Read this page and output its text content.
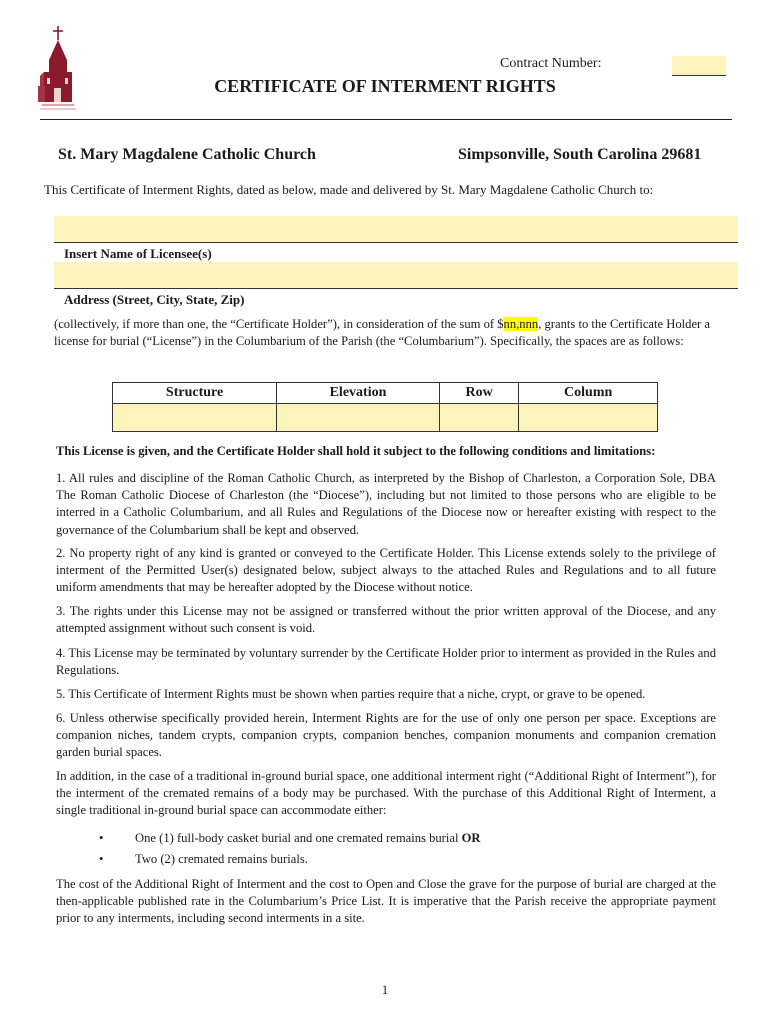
Contract Number:
CERTIFICATE OF INTERMENT RIGHTS
St. Mary Magdalene Catholic Church	Simpsonville, South Carolina 29681
This Certificate of Interment Rights, dated as below, made and delivered by St. Mary Magdalene Catholic Church to:
Insert Name of Licensee(s)
Address (Street, City, State, Zip)

(collectively, if more than one, the “Certificate Holder”), in consideration of the sum of $nn,nnn, grants to the Certificate Holder a license for burial (“License”) in the Columbarium of the Parish (the “Columbarium”). Specifically, the spaces are as follows:

Structure	Elevation	Row	Column

This License is given, and the Certificate Holder shall hold it subject to the following conditions and limitations:

1. All rules and discipline of the Roman Catholic Church, as interpreted by the Bishop of Charleston, a Corporation Sole, DBA The Roman Catholic Diocese of Charleston (the “Diocese”), including but not limited to those persons who are eligible to be interred in a Catholic Columbarium, and all Rules and Regulations of the Diocese now or hereafter existing with respect to the governance of the Columbarium shall be kept and observed.

2. No property right of any kind is granted or conveyed to the Certificate Holder. This License extends solely to the privilege of interment of the Permitted User(s) designated below, subject always to the attached Rules and Regulations and to all future uniform amendments that may be hereafter adopted by the Diocese without notice.

3. The rights under this License may not be assigned or transferred without the prior written approval of the Diocese, and any attempted assignment without such consent is void.

4. This License may be terminated by voluntary surrender by the Certificate Holder prior to interment as provided in the Rules and Regulations.

5. This Certificate of Interment Rights must be shown when parties require that a niche, crypt, or grave to be opened.

6. Unless otherwise specifically provided herein, Interment Rights are for the use of only one person per space. Exceptions are companion niches, tandem crypts, companion crypts, companion benches, companion monuments and companion cremation garden burial spaces.

In addition, in the case of a traditional in-ground burial space, one additional interment right (“Additional Right of Interment”), for the interment of the cremated remains of a body may be purchased. With the purchase of this Additional Right of Interment, a single traditional in-ground burial space can accommodate either:

•	One (1) full-body casket burial and one cremated remains burial OR
•	Two (2) cremated remains burials.

The cost of the Additional Right of Interment and the cost to Open and Close the grave for the purpose of burial are charged at the then-applicable published rate in the Columbarium’s Price List. It is imperative that the Parish receive the appropriate payment prior to any interments, including second interments in a site.

1
